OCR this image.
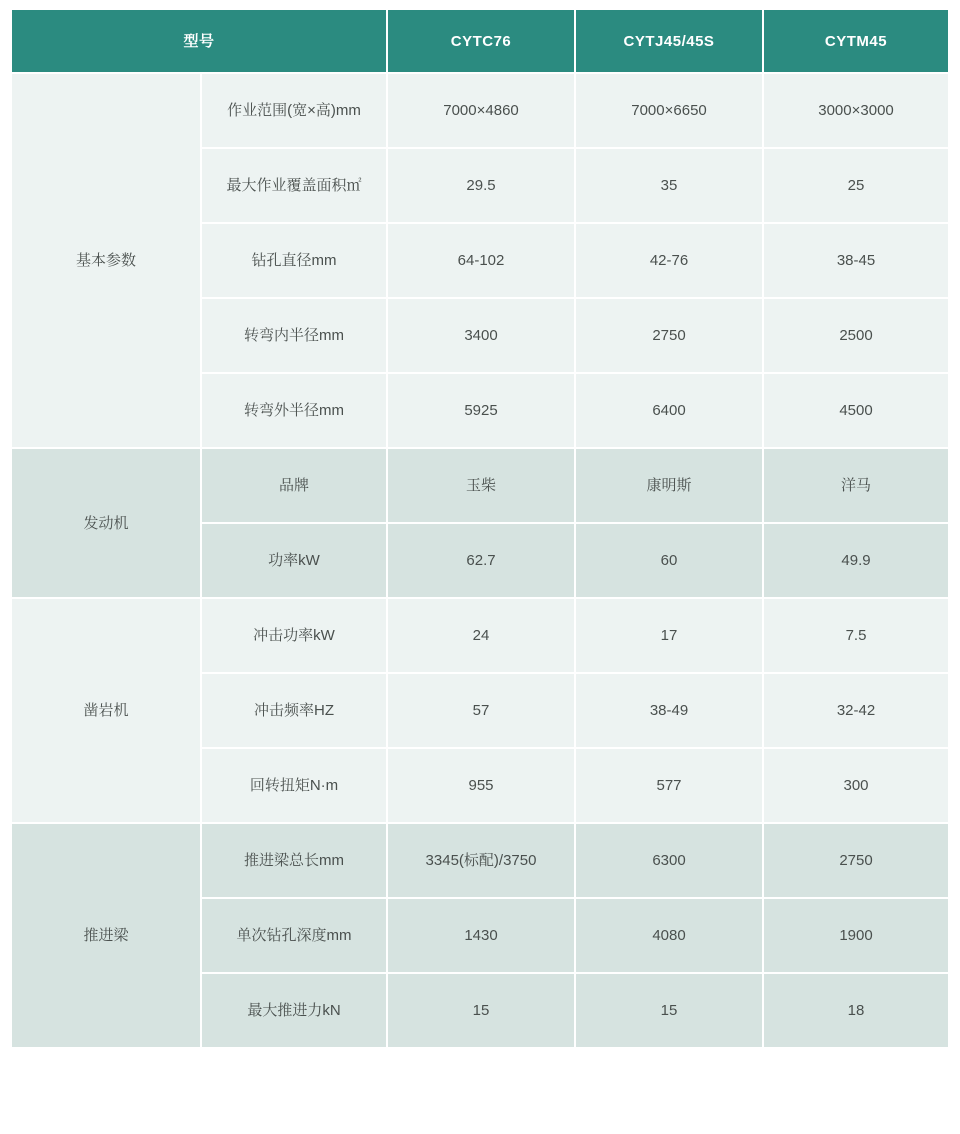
型号	CYTC76	CYTJ45/45S	CYTM45
基本参数
作业范围(宽×高)mm	7000×4860	7000×6650	3000×3000
最大作业覆盖面积㎡	29.5	35	25
钻孔直径mm	64-102	42-76	38-45
转弯内半径mm	3400	2750	2500
转弯外半径mm	5925	6400	4500
发动机
品牌	玉柴	康明斯	洋马
功率kW	62.7	60	49.9
凿岩机
冲击功率kW	24	17	7.5
冲击频率HZ	57	38-49	32-42
回转扭矩N·m	955	577	300
推进梁
推进梁总长mm	3345(标配)/3750	6300	2750
单次钻孔深度mm	1430	4080	1900
最大推进力kN	15	15	18
